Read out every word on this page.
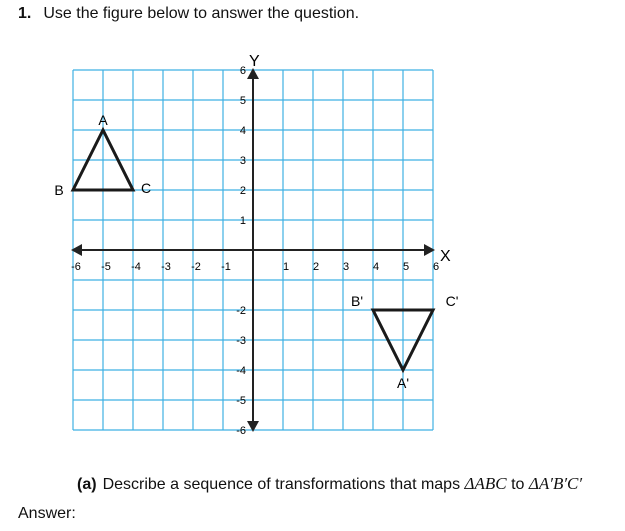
1. Use the figure below to answer the question.
-6 -5 -4 -3 -2 -1	1 2 3 4 5 6
6
5
4
3
2
1
-2
-3
-4
-5
-6
A
B	C
A'
B'	C'
X
Y
(a) Describe a sequence of transformations that maps ΔABC to ΔA′B′C′
Answer:
